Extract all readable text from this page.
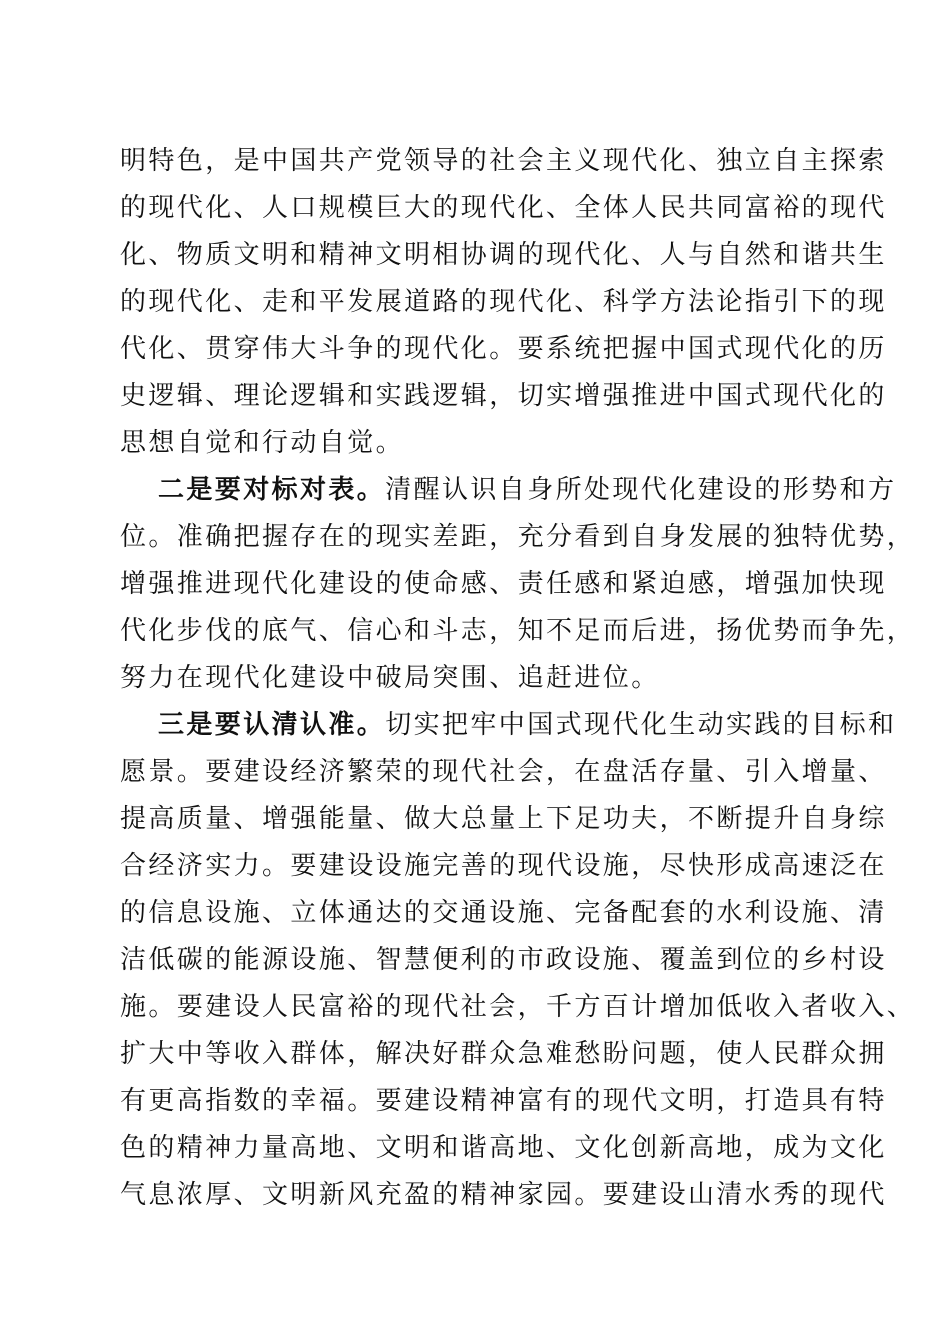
明特色，是中国共产党领导的社会主义现代化、独立自主探索
的现代化、人口规模巨大的现代化、全体人民共同富裕的现代
化、物质文明和精神文明相协调的现代化、人与自然和谐共生
的现代化、走和平发展道路的现代化、科学方法论指引下的现
代化、贯穿伟大斗争的现代化。要系统把握中国式现代化的历
史逻辑、理论逻辑和实践逻辑，切实增强推进中国式现代化的
思想自觉和行动自觉。
二是要对标对表。清醒认识自身所处现代化建设的形势和方
位。准确把握存在的现实差距，充分看到自身发展的独特优势，
增强推进现代化建设的使命感、责任感和紧迫感，增强加快现
代化步伐的底气、信心和斗志，知不足而后进，扬优势而争先，
努力在现代化建设中破局突围、追赶进位。
三是要认清认准。切实把牢中国式现代化生动实践的目标和
愿景。要建设经济繁荣的现代社会，在盘活存量、引入增量、
提高质量、增强能量、做大总量上下足功夫，不断提升自身综
合经济实力。要建设设施完善的现代设施，尽快形成高速泛在
的信息设施、立体通达的交通设施、完备配套的水利设施、清
洁低碳的能源设施、智慧便利的市政设施、覆盖到位的乡村设
施。要建设人民富裕的现代社会，千方百计增加低收入者收入、
扩大中等收入群体，解决好群众急难愁盼问题，使人民群众拥
有更高指数的幸福。要建设精神富有的现代文明，打造具有特
色的精神力量高地、文明和谐高地、文化创新高地，成为文化
气息浓厚、文明新风充盈的精神家园。要建设山清水秀的现代
